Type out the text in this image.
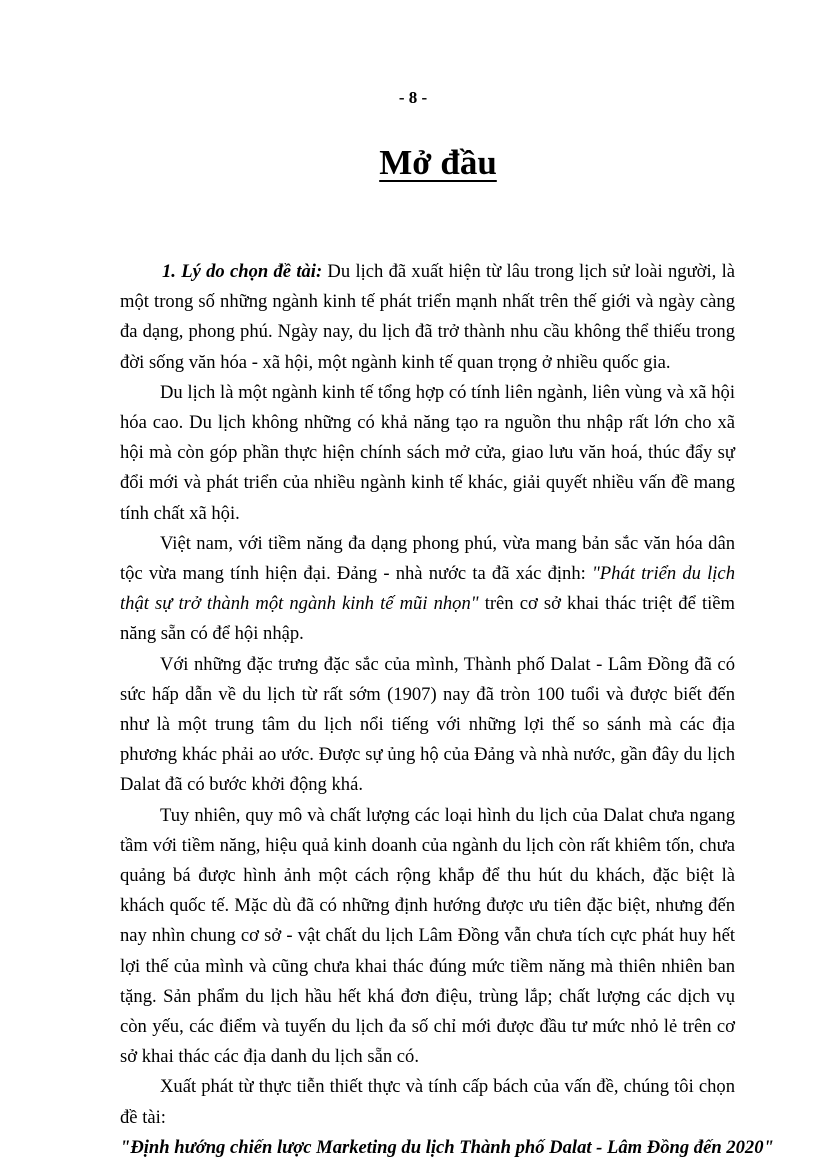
- 8 -
Mở đầu

1. Lý do chọn đề tài: Du lịch đã xuất hiện từ lâu trong lịch sử loài người, là một trong số những ngành kinh tế phát triển mạnh nhất trên thế giới và ngày càng đa dạng, phong phú. Ngày nay, du lịch đã trở thành nhu cầu không thể thiếu trong đời sống văn hóa - xã hội, một ngành kinh tế quan trọng ở nhiều quốc gia.

Du lịch là một ngành kinh tế tổng hợp có tính liên ngành, liên vùng và xã hội hóa cao. Du lịch không những có khả năng tạo ra nguồn thu nhập rất lớn cho xã hội mà còn góp phần thực hiện chính sách mở cửa, giao lưu văn hoá, thúc đẩy sự đổi mới và phát triển của nhiều ngành kinh tế khác, giải quyết nhiều vấn đề mang tính chất xã hội.

Việt nam, với tiềm năng đa dạng phong phú, vừa mang bản sắc văn hóa dân tộc vừa mang tính hiện đại. Đảng - nhà nước ta đã xác định: "Phát triển du lịch thật sự trở thành một ngành kinh tế mũi nhọn" trên cơ sở khai thác triệt để tiềm năng sẵn có để hội nhập.

Với những đặc trưng đặc sắc của mình, Thành phố Dalat - Lâm Đồng đã có sức hấp dẫn về du lịch từ rất sớm (1907) nay đã tròn 100 tuổi và được biết đến như là một trung tâm du lịch nổi tiếng với những lợi thế so sánh mà các địa phương khác phải ao ước. Được sự ủng hộ của Đảng và nhà nước, gần đây du lịch Dalat đã có bước khởi động khá.

Tuy nhiên, quy mô và chất lượng các loại hình du lịch của Dalat chưa ngang tầm với tiềm năng, hiệu quả kinh doanh của ngành du lịch còn rất khiêm tốn, chưa quảng bá được hình ảnh một cách rộng khắp để thu hút du khách, đặc biệt là khách quốc tế. Mặc dù đã có những định hướng được ưu tiên đặc biệt, nhưng đến nay nhìn chung cơ sở - vật chất du lịch Lâm Đồng vẫn chưa tích cực phát huy hết lợi thế của mình và cũng chưa khai thác đúng mức tiềm năng mà thiên nhiên ban tặng. Sản phẩm du lịch hầu hết khá đơn điệu, trùng lắp; chất lượng các dịch vụ còn yếu, các điểm và tuyến du lịch đa số chỉ mới được đầu tư mức nhỏ lẻ trên cơ sở khai thác các địa danh du lịch sẵn có.

Xuất phát từ thực tiễn thiết thực và tính cấp bách của vấn đề, chúng tôi chọn đề tài:

"Định hướng chiến lược Marketing du lịch Thành phố Dalat - Lâm Đồng đến 2020"
